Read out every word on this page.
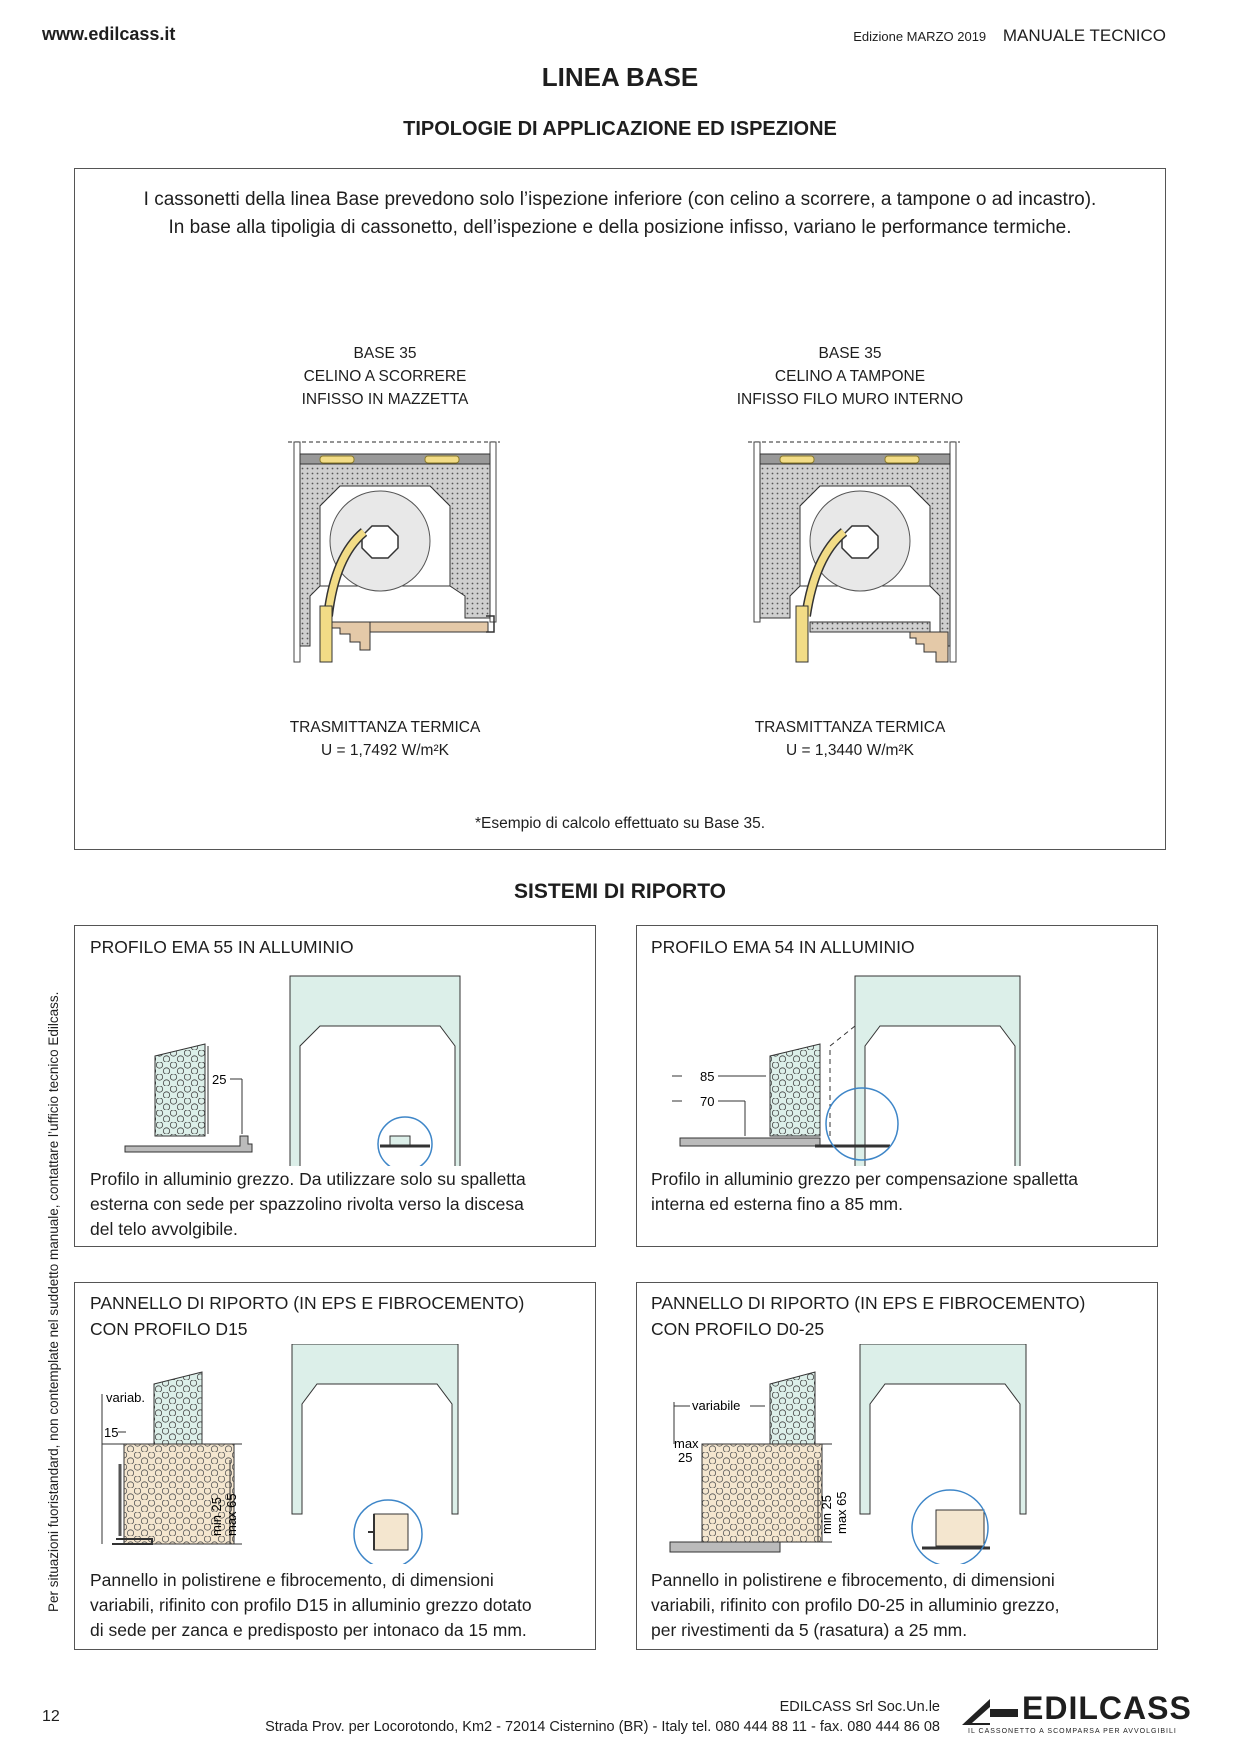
www.edilcass.it	Edizione MARZO 2019 MANUALE TECNICO
LINEA BASE
TIPOLOGIE DI APPLICAZIONE ED ISPEZIONE
I cassonetti della linea Base prevedono solo l’ispezione inferiore (con celino a scorrere, a tampone o ad incastro).
In base alla tipoligia di cassonetto, dell’ispezione e della posizione infisso, variano le performance termiche.
BASE 35
CELINO A SCORRERE
INFISSO IN MAZZETTA
BASE 35
CELINO A TAMPONE
INFISSO FILO MURO INTERNO
TRASMITTANZA TERMICA
U = 1,7492 W/m²K
TRASMITTANZA TERMICA
U = 1,3440 W/m²K
*Esempio di calcolo effettuato su Base 35.
SISTEMI DI RIPORTO
PROFILO EMA 55 IN ALLUMINIO
25
Profilo in alluminio grezzo. Da utilizzare solo su spalletta
esterna con sede per spazzolino rivolta verso la discesa
del telo avvolgibile.
PROFILO EMA 54 IN ALLUMINIO
85
70
Profilo in alluminio grezzo per compensazione spalletta
interna ed esterna fino a 85 mm.
PANNELLO DI RIPORTO (IN EPS E FIBROCEMENTO)
CON PROFILO D15
variab.
15
min 25 max 65
Pannello in polistirene e fibrocemento, di dimensioni
variabili, rifinito con profilo D15 in alluminio grezzo dotato
di sede per zanca e predisposto per intonaco da 15 mm.
PANNELLO DI RIPORTO (IN EPS E FIBROCEMENTO)
CON PROFILO D0-25
variabile
max
25
min 25 max 65
Pannello in polistirene e fibrocemento, di dimensioni
variabili, rifinito con profilo D0-25 in alluminio grezzo,
per rivestimenti da 5 (rasatura) a 25 mm.
Per situazioni fuoristandard, non contemplate nel suddetto manuale, contattare l’ufficio tecnico Edilcass.
12
EDILCASS Srl Soc.Un.le
Strada Prov. per Locorotondo, Km2 - 72014 Cisternino (BR) - Italy tel. 080 444 88 11 - fax. 080 444 86 08
EDILCASS
IL CASSONETTO A SCOMPARSA PER AVVOLGIBILI
